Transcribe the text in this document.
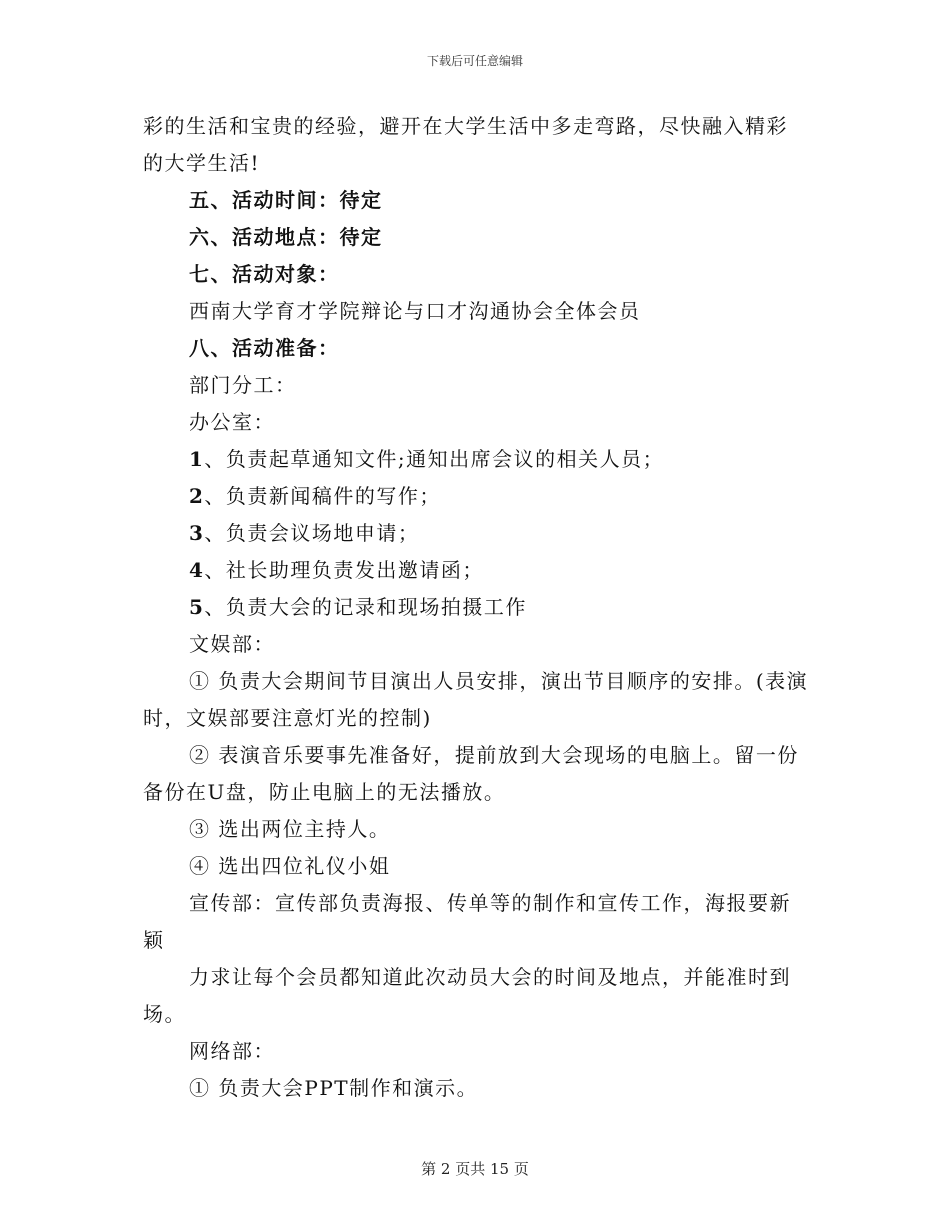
下载后可任意编辑
彩的生活和宝贵的经验，避开在大学生活中多走弯路，尽快融入精彩
的大学生活!
五、活动时间：待定
六、活动地点：待定
七、活动对象：
西南大学育才学院辩论与口才沟通协会全体会员
八、活动准备：
部门分工：
办公室：
1、负责起草通知文件;通知出席会议的相关人员；
2、负责新闻稿件的写作；
3、负责会议场地申请；
4、社长助理负责发出邀请函；
5、负责大会的记录和现场拍摄工作
文娱部：
① 负责大会期间节目演出人员安排，演出节目顺序的安排。(表演
时，文娱部要注意灯光的控制)
② 表演音乐要事先准备好，提前放到大会现场的电脑上。留一份
备份在U盘，防止电脑上的无法播放。
③ 选出两位主持人。
④ 选出四位礼仪小姐
宣传部：宣传部负责海报、传单等的制作和宣传工作，海报要新
颖
力求让每个会员都知道此次动员大会的时间及地点，并能准时到
场。
网络部：
① 负责大会PPT制作和演示。
第 2 页共 15 页
